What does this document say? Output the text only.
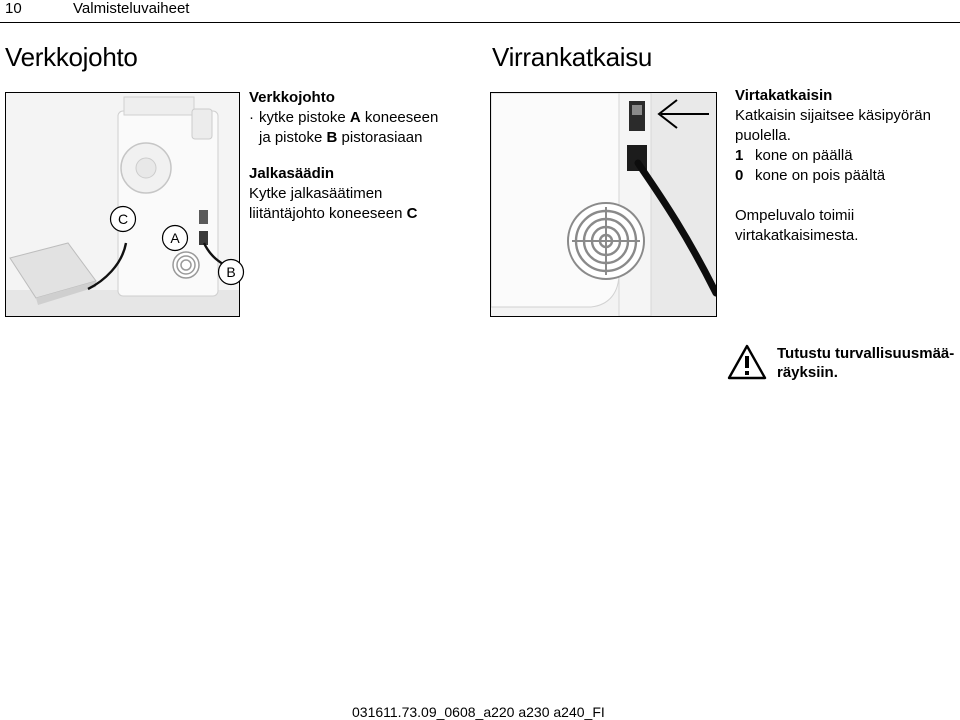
10	Valmisteluvaiheet
Verkkojohto
C
A
B
Verkkojohto
· kytke pistoke A koneeseen
ja pistoke B pistorasiaan
Jalkasäädin
Kytke jalkasäätimen
liitäntäjohto koneeseen C
Virrankatkaisu
Virtakatkaisin
Katkaisin sijaitsee käsipyörän
puolella.
1 kone on päällä
0 kone on pois päältä
Ompeluvalo toimii
virtakatkaisimesta.
Tutustu turvallisuusmää-
räyksiin.
031611.73.09_0608_a220 a230 a240_FI
